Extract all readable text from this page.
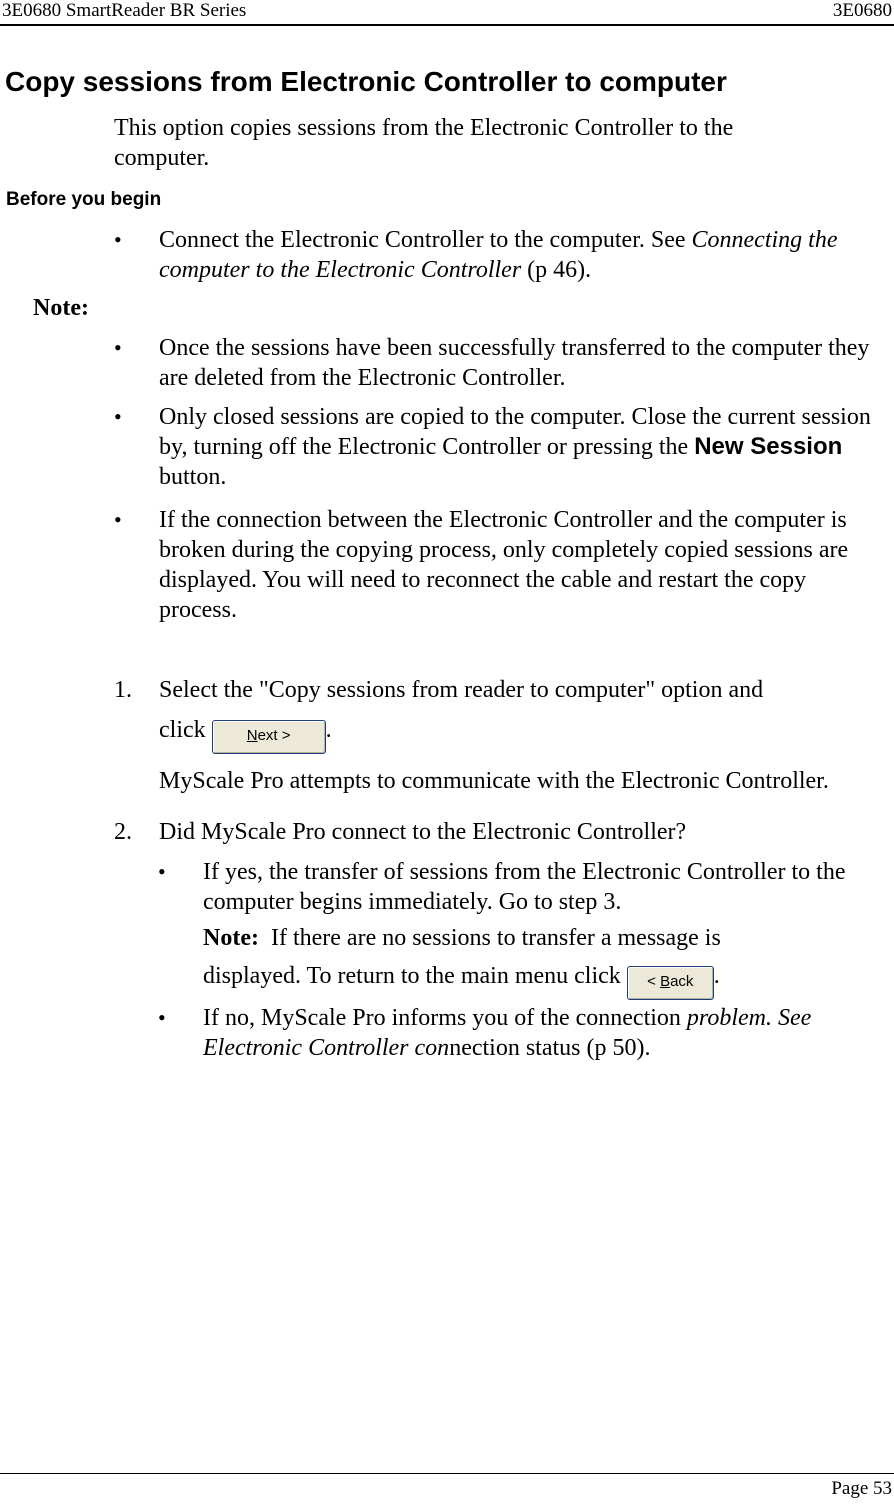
3E0680 SmartReader BR Series	3E0680
Copy sessions from Electronic Controller to computer
This option copies sessions from the Electronic Controller to the computer.
Before you begin
• Connect the Electronic Controller to the computer. See Connecting the computer to the Electronic Controller (p 46).
Note:
• Once the sessions have been successfully transferred to the computer they are deleted from the Electronic Controller.
• Only closed sessions are copied to the computer. Close the current session by, turning off the Electronic Controller or pressing the New Session button.
• If the connection between the Electronic Controller and the computer is broken during the copying process, only completely copied sessions are displayed. You will need to reconnect the cable and restart the copy process.
1. Select the "Copy sessions from reader to computer" option and
click Next > .
MyScale Pro attempts to communicate with the Electronic Controller.
2. Did MyScale Pro connect to the Electronic Controller?
• If yes, the transfer of sessions from the Electronic Controller to the computer begins immediately. Go to step 3.
Note: If there are no sessions to transfer a message is
displayed. To return to the main menu click < Back .
• If no, MyScale Pro informs you of the connection problem. See Electronic Controller connection status (p 50).
Page 53
